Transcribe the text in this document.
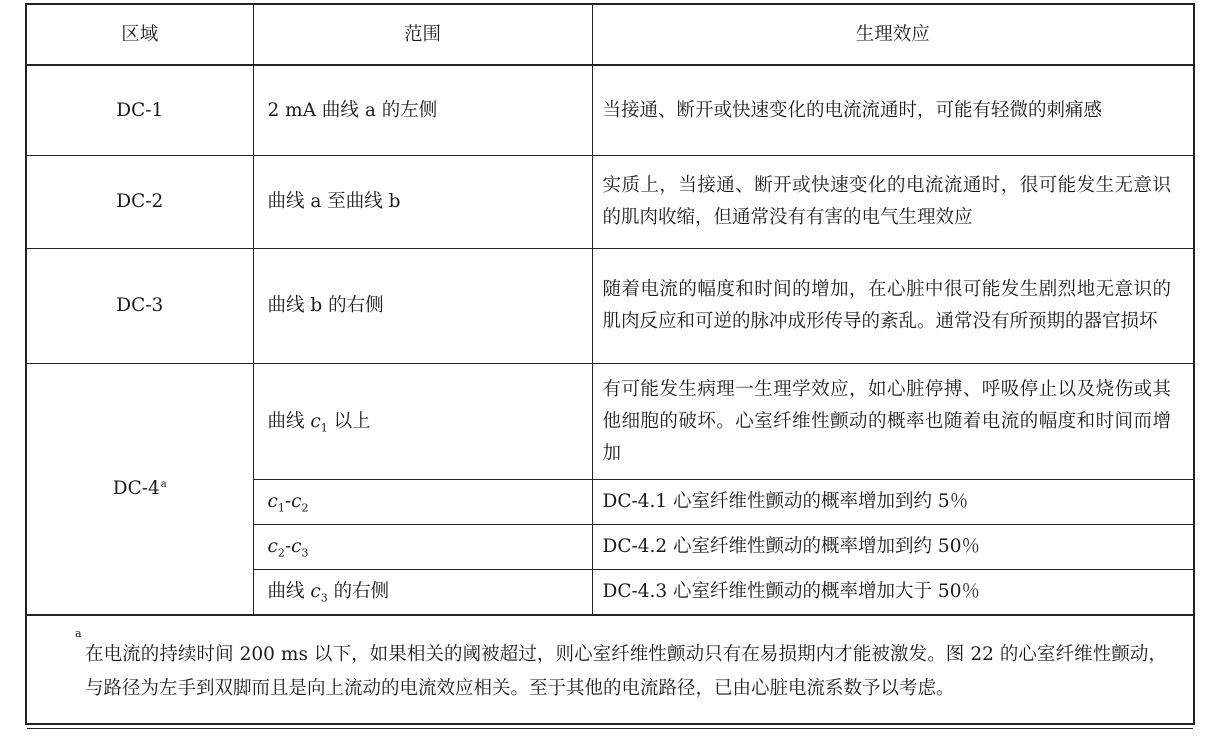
区域	范围	生理效应
DC-1	2 mA 曲线 a 的左侧	当接通、断开或快速变化的电流流通时，可能有轻微的刺痛感
DC-2	曲线 a 至曲线 b	实质上，当接通、断开或快速变化的电流流通时，很可能发生无意识的肌肉收缩，但通常没有有害的电气生理效应
DC-3	曲线 b 的右侧	随着电流的幅度和时间的增加，在心脏中很可能发生剧烈地无意识的肌肉反应和可逆的脉冲成形传导的紊乱。通常没有所预期的器官损坏
DC-4$^a$	曲线 $c_1$ 以上	有可能发生病理一生理学效应，如心脏停搏、呼吸停止以及烧伤或其他细胞的破坏。心室纤维性颤动的概率也随着电流的幅度和时间而增加
	$c_1-c_2$	DC-4.1 心室纤维性颤动的概率增加到约 5％
	$c_2-c_3$	DC-4.2 心室纤维性颤动的概率增加到约 50％
	曲线 $c_3$ 的右侧	DC-4.3 心室纤维性颤动的概率增加大于 50％

a
在电流的持续时间 200 ms 以下，如果相关的阈被超过，则心室纤维性颤动只有在易损期内才能被激发。图 22 的心室纤维性颤动，与路径为左手到双脚而且是向上流动的电流效应相关。至于其他的电流路径，已由心脏电流系数予以考虑。		
